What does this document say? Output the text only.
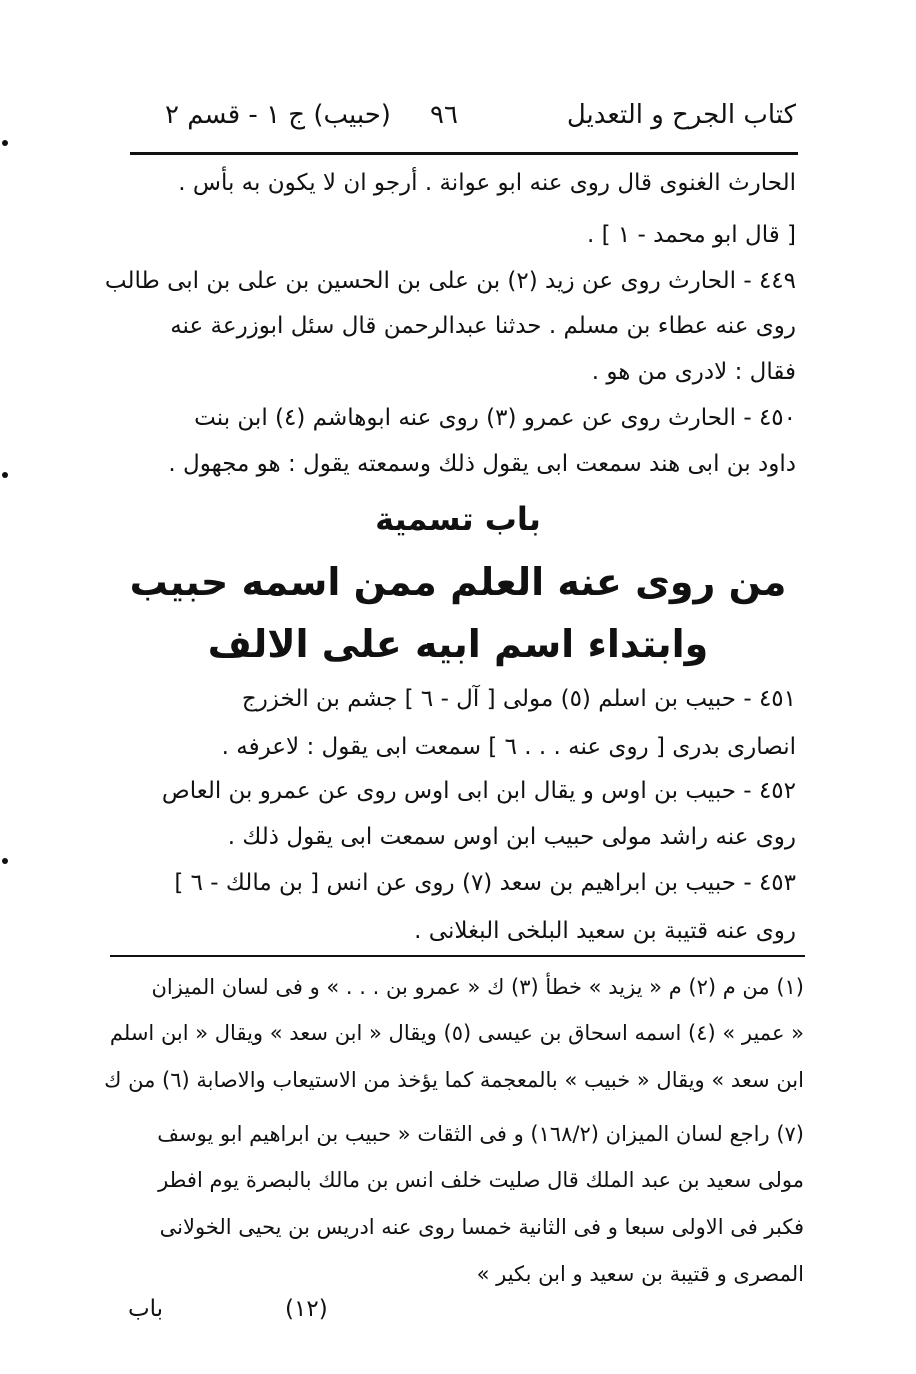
كتاب الجرح و التعديل
٩٦
(حبيب) ج ١ - قسم ٢
الحارث الغنوى قال روى عنه ابو عوانة . أرجو ان لا يكون به بأس .
[ قال ابو محمد - ١ ] .
٤٤٩ - الحارث روى عن زيد (٢) بن على بن الحسين بن على بن ابى طالب
روى عنه عطاء بن مسلم . حدثنا عبدالرحمن قال سئل ابوزرعة عنه
فقال : لادرى من هو .
٤٥٠ - الحارث روى عن عمرو (٣) روى عنه ابوهاشم (٤) ابن بنت
داود بن ابى هند سمعت ابى يقول ذلك وسمعته يقول : هو مجهول .
باب تسمية
من روى عنه العلم ممن اسمه حبيب
وابتداء اسم ابيه على الالف
٤٥١ - حبيب بن اسلم (٥) مولى [ آل - ٦ ] جشم بن الخزرج
انصارى بدرى [ روى عنه . . . ٦ ] سمعت ابى يقول : لاعرفه .
٤٥٢ - حبيب بن اوس و يقال ابن ابى اوس روى عن عمرو بن العاص
روى عنه راشد مولى حبيب ابن اوس سمعت ابى يقول ذلك .
٤٥٣ - حبيب بن ابراهيم بن سعد (٧) روى عن انس [ بن مالك - ٦ ]
روى عنه قتيبة بن سعيد البلخى البغلانى .
(١) من م (٢) م « يزيد » خطأ (٣) ك « عمرو بن . . . » و فى لسان الميزان
« عمير » (٤) اسمه اسحاق بن عيسى (٥) ويقال « ابن سعد » ويقال « ابن اسلم
ابن سعد » ويقال « خبيب » بالمعجمة كما يؤخذ من الاستيعاب والاصابة (٦) من ك
(٧) راجع لسان الميزان (١٦٨/٢) و فى الثقات « حبيب بن ابراهيم ابو يوسف
مولى سعيد بن عبد الملك قال صليت خلف انس بن مالك بالبصرة يوم افطر
فكبر فى الاولى سبعا و فى الثانية خمسا روى عنه ادريس بن يحيى الخولانى
المصرى و قتيبة بن سعيد و ابن بكير »
باب	(١٢)
